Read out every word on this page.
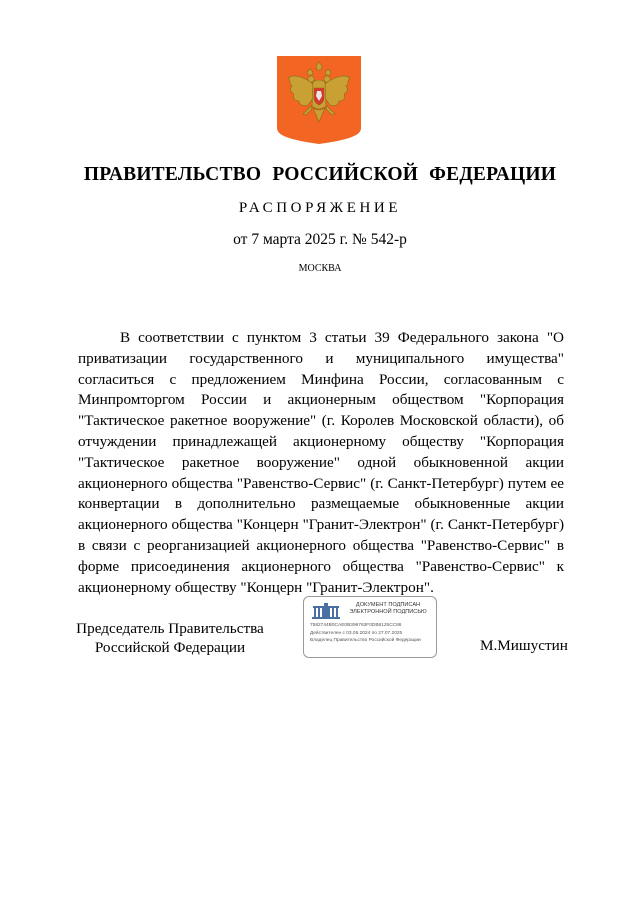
ПРАВИТЕЛЬСТВО РОССИЙСКОЙ ФЕДЕРАЦИИ
РАСПОРЯЖЕНИЕ
от 7 марта 2025 г. № 542-р
МОСКВА

В соответствии с пунктом 3 статьи 39 Федерального закона "О приватизации государственного и муниципального имущества" согласиться с предложением Минфина России, согласованным с Минпромторгом России и акционерным обществом "Корпорация "Тактическое ракетное вооружение" (г. Королев Московской области), об отчуждении принадлежащей акционерному обществу "Корпорация "Тактическое ракетное вооружение" одной обыкновенной акции акционерного общества "Равенство-Сервис" (г. Санкт-Петербург) путем ее конвертации в дополнительно размещаемые обыкновенные акции акционерного общества "Концерн "Гранит-Электрон" (г. Санкт-Петербург) в связи с реорганизацией акционерного общества "Равенство-Сервис" в форме присоединения акционерного общества "Равенство-Сервис" к акционерному обществу "Концерн "Гранит-Электрон".

Председатель Правительства
Российской Федерации
ДОКУМЕНТ ПОДПИСАН
ЭЛЕКТРОННОЙ ПОДПИСЬЮ
7582744B0CAE0B396763F0DB8125CC86
Действителен с 03.05.2024 по 27.07.2025
Владелец Правительство Российской Федерации	М.Мишустин
